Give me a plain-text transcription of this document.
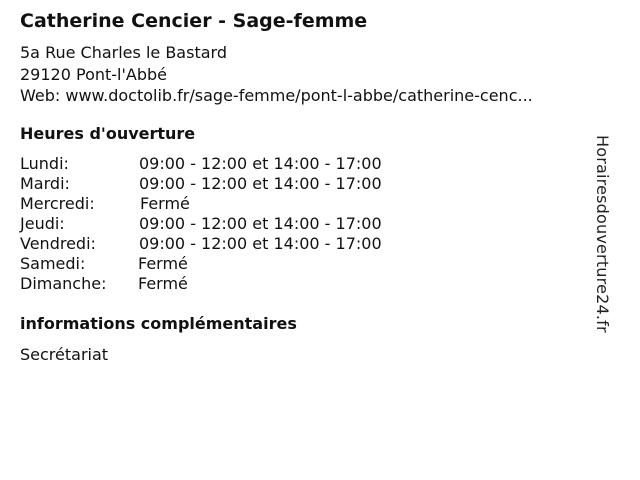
Catherine Cencier - Sage-femme
5a Rue Charles le Bastard
29120 Pont-l'Abbé
Web: www.doctolib.fr/sage-femme/pont-l-abbe/catherine-cenc...
Heures d'ouverture
Lundi:	09:00 - 12:00 et 14:00 - 17:00
Mardi:	09:00 - 12:00 et 14:00 - 17:00
Mercredi:	Fermé
Jeudi:	09:00 - 12:00 et 14:00 - 17:00
Vendredi:	09:00 - 12:00 et 14:00 - 17:00
Samedi:	Fermé
Dimanche: Fermé
informations complémentaires
Secrétariat
Horairesdouverture24.fr
